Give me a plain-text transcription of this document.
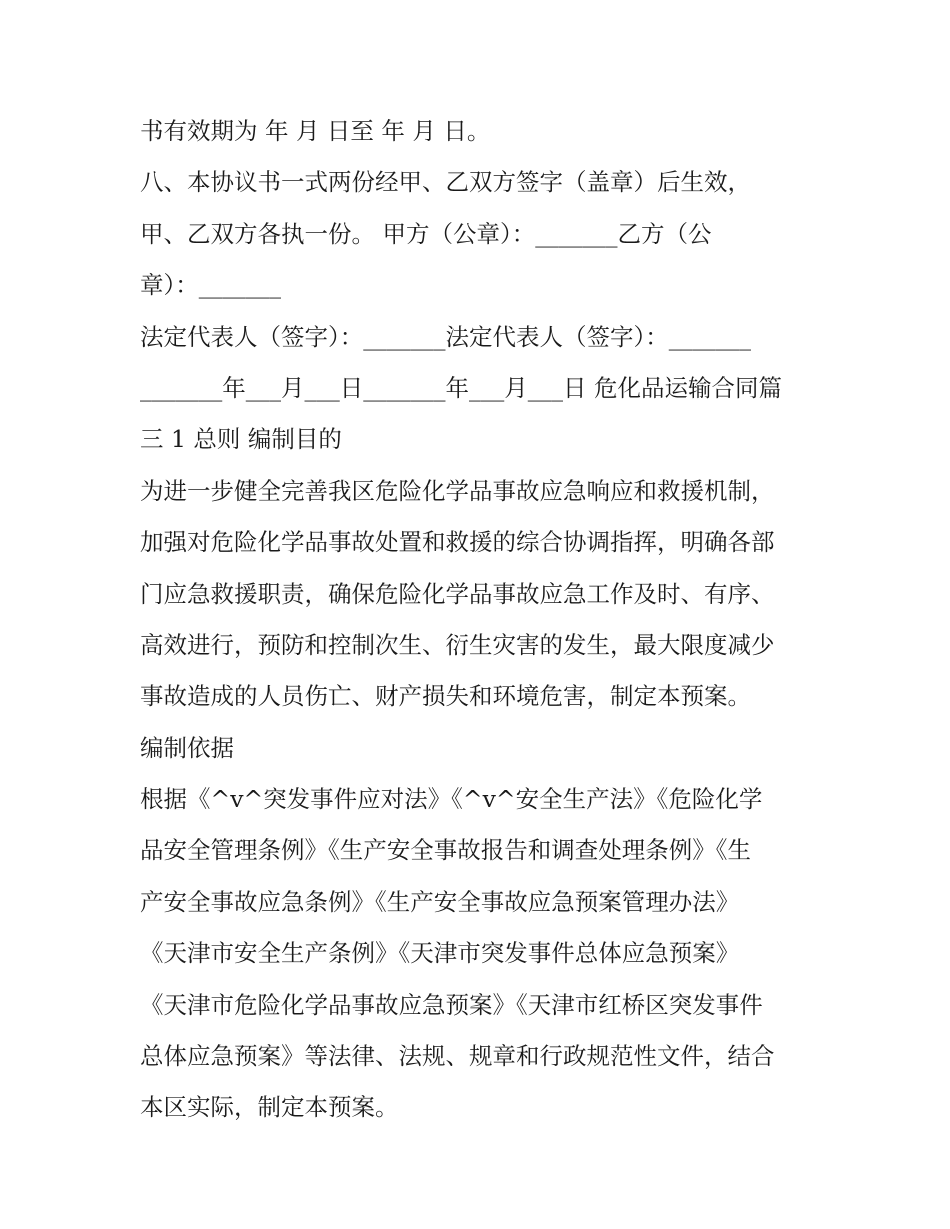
书有效期为 年 月 日至 年 月 日。
八、本协议书一式两份经甲、乙双方签字（盖章）后生效，
甲、乙双方各执一份。 甲方（公章）：_______乙方（公
章）：_______
法定代表人（签字）：_______法定代表人（签字）：_______
_______年___月___日_______年___月___日 危化品运输合同篇
三 1 总则 编制目的
为进一步健全完善我区危险化学品事故应急响应和救援机制，
加强对危险化学品事故处置和救援的综合协调指挥，明确各部
门应急救援职责，确保危险化学品事故应急工作及时、有序、
高效进行，预防和控制次生、衍生灾害的发生，最大限度减少
事故造成的人员伤亡、财产损失和环境危害，制定本预案。
编制依据
根据《^v^突发事件应对法》《^v^安全生产法》《危险化学
品安全管理条例》《生产安全事故报告和调查处理条例》《生
产安全事故应急条例》《生产安全事故应急预案管理办法》
《天津市安全生产条例》《天津市突发事件总体应急预案》
《天津市危险化学品事故应急预案》《天津市红桥区突发事件
总体应急预案》等法律、法规、规章和行政规范性文件，结合
本区实际，制定本预案。
